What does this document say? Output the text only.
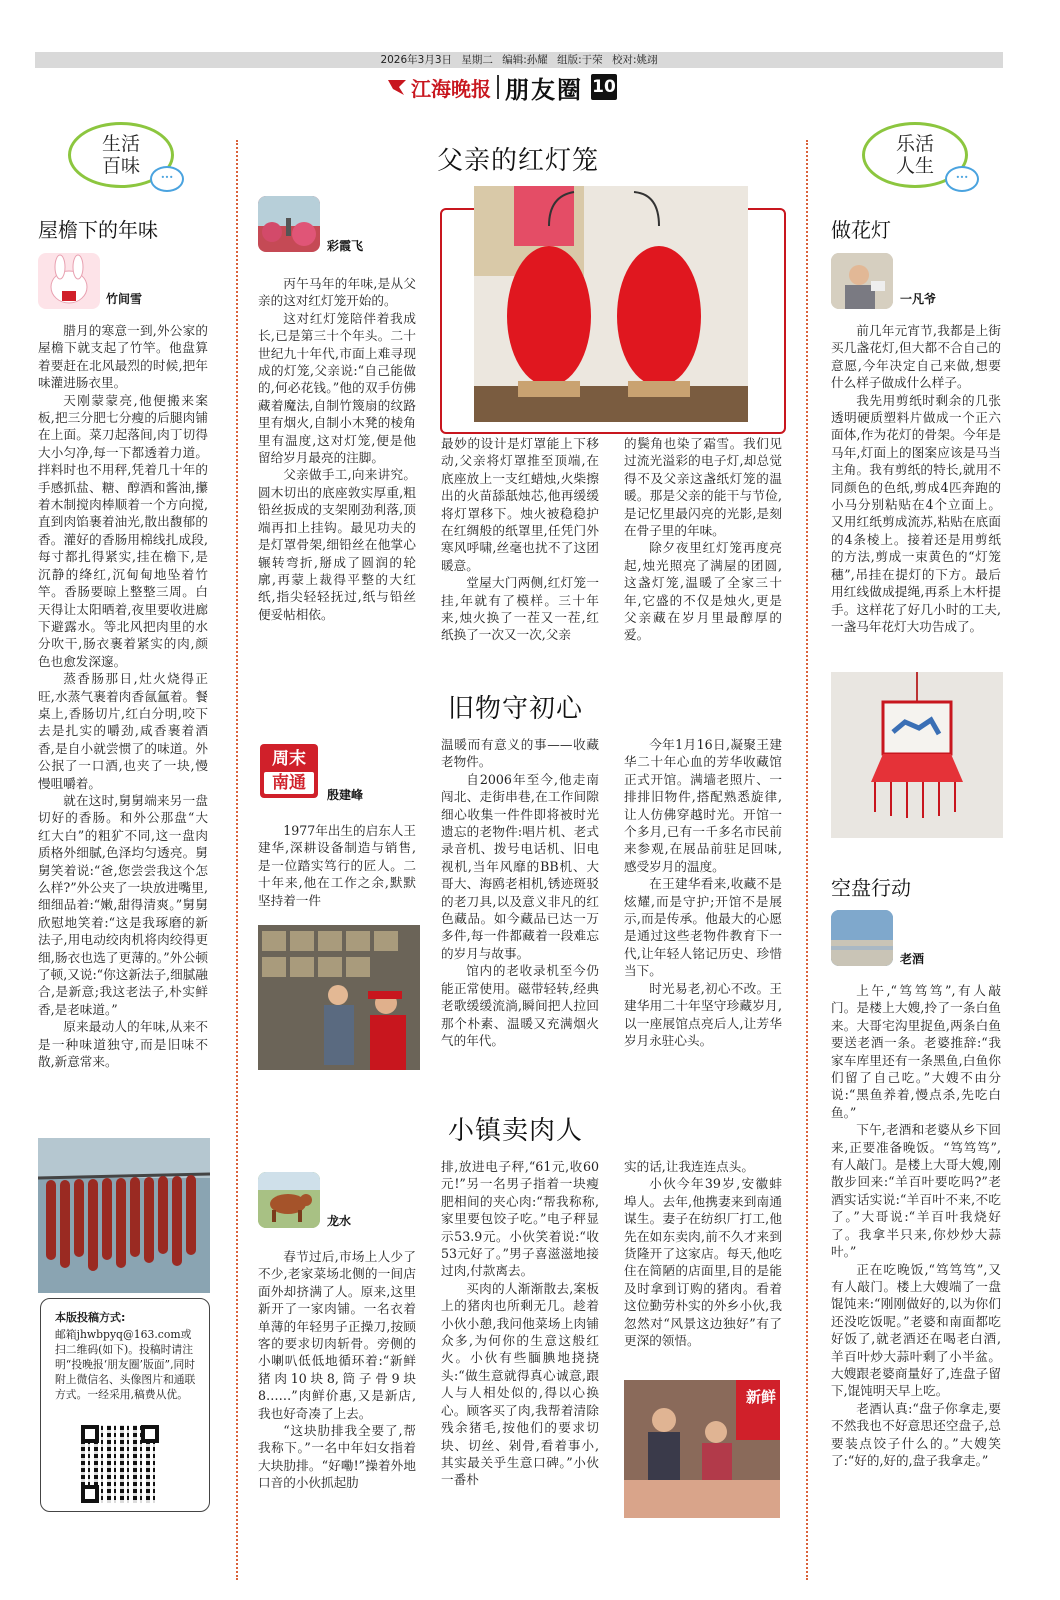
2026年3月3日 星期二 编辑:孙耀 组版:于荣 校对:姚翊
江海晚报 朋友圈 10
生活
百味	...
屋檐下的年味
竹间雪

腊月的寒意一到,外公家的屋檐下就支起了竹竿。他盘算着要赶在北风最烈的时候,把年味灌进肠衣里。

天刚蒙蒙亮,他便搬来案板,把三分肥七分瘦的后腿肉铺在上面。菜刀起落间,肉丁切得大小匀净,每一下都透着力道。拌料时也不用秤,凭着几十年的手感抓盐、糖、醇酒和酱油,攥着木制搅肉棒顺着一个方向搅,直到肉馅裹着油光,散出馥郁的香。灌好的香肠用棉线扎成段,每寸都扎得紧实,挂在檐下,是沉静的绛红,沉甸甸地坠着竹竿。香肠要晾上整整三周。白天得让太阳晒着,夜里要收进廊下避露水。等北风把肉里的水分吹干,肠衣裹着紧实的肉,颜色也愈发深邃。

蒸香肠那日,灶火烧得正旺,水蒸气裹着肉香氤氲着。餐桌上,香肠切片,红白分明,咬下去是扎实的嚼劲,咸香裹着酒香,是自小就尝惯了的味道。外公抿了一口酒,也夹了一块,慢慢咀嚼着。

就在这时,舅舅端来另一盘切好的香肠。和外公那盘“大红大白”的粗犷不同,这一盘肉质格外细腻,色泽均匀透亮。舅舅笑着说:“爸,您尝尝我这个怎么样?”外公夹了一块放进嘴里,细细品着:“嫩,甜得清爽。”舅舅欣慰地笑着:“这是我琢磨的新法子,用电动绞肉机将肉绞得更细,肠衣也选了更薄的。”外公顿了顿,又说:“你这新法子,细腻融合,是新意;我这老法子,朴实鲜香,是老味道。”

原来最动人的年味,从来不是一种味道独守,而是旧味不散,新意常来。

本版投稿方式:
邮箱jhwbpyq@163.com或扫二维码(如下)。投稿时请注明“投晚报‘朋友圈’版面”,同时附上微信名、头像图片和通联方式。一经采用,稿费从优。
父亲的红灯笼
彩霞飞

丙午马年的年味,是从父亲的这对红灯笼开始的。

这对红灯笼陪伴着我成长,已是第三十个年头。二十世纪九十年代,市面上难寻现成的灯笼,父亲说:“自己能做的,何必花钱。”他的双手仿佛藏着魔法,自制竹篾扇的纹路里有烟火,自制小木凳的棱角里有温度,这对灯笼,便是他留给岁月最亮的注脚。

父亲做手工,向来讲究。圆木切出的底座敦实厚重,粗铅丝扳成的支架刚劲利落,顶端再扣上挂钩。最见功夫的是灯罩骨架,细铅丝在他掌心辗转弯折,掰成了圆润的轮廓,再蒙上裁得平整的大红纸,指尖轻轻抚过,纸与铅丝便妥帖相依。

最妙的设计是灯罩能上下移动,父亲将灯罩推至顶端,在底座放上一支红蜡烛,火柴擦出的火苗舔舐烛芯,他再缓缓将灯罩移下。烛火被稳稳护在红绸般的纸罩里,任凭门外寒风呼啸,丝毫也扰不了这团暖意。

堂屋大门两侧,红灯笼一挂,年就有了模样。三十年来,烛火换了一茬又一茬,红纸换了一次又一次,父亲

的鬓角也染了霜雪。我们见过流光溢彩的电子灯,却总觉得不及父亲这盏纸灯笼的温暖。那是父亲的能干与节俭,是记忆里最闪亮的光影,是刻在骨子里的年味。

除夕夜里红灯笼再度亮起,烛光照亮了满屋的团圆,这盏灯笼,温暖了全家三十年,它盛的不仅是烛火,更是父亲藏在岁月里最醇厚的爱。

旧物守初心
周末
南通
殷建峰

1977年出生的启东人王建华,深耕设备制造与销售,是一位踏实笃行的匠人。二十年来,他在工作之余,默默坚持着一件

温暖而有意义的事——收藏老物件。

自2006年至今,他走南闯北、走街串巷,在工作间隙细心收集一件件即将被时光遗忘的老物件:唱片机、老式录音机、拨号电话机、旧电视机,当年风靡的BB机、大哥大、海鸥老相机,锈迹斑驳的老刀具,以及意义非凡的红色藏品。如今藏品已达一万多件,每一件都藏着一段难忘的岁月与故事。

馆内的老收录机至今仍能正常使用。磁带轻转,经典老歌缓缓流淌,瞬间把人拉回那个朴素、温暖又充满烟火气的年代。

今年1月16日,凝聚王建华二十年心血的芳华收藏馆正式开馆。满墙老照片、一排排旧物件,搭配熟悉旋律,让人仿佛穿越时光。开馆一个多月,已有一千多名市民前来参观,在展品前驻足回味,感受岁月的温度。

在王建华看来,收藏不是炫耀,而是守护;开馆不是展示,而是传承。他最大的心愿是通过这些老物件教育下一代,让年轻人铭记历史、珍惜当下。

时光易老,初心不改。王建华用二十年坚守珍藏岁月,以一座展馆点亮后人,让芳华岁月永驻心头。

小镇卖肉人
龙水

春节过后,市场上人少了不少,老家菜场北侧的一间店面外却挤满了人。原来,这里新开了一家肉铺。一名衣着单薄的年轻男子正操刀,按顾客的要求切肉斩骨。旁侧的小喇叭低低地循环着:“新鲜猪肉10块8,筒子骨9块8……”肉鲜价惠,又是新店,我也好奇凑了上去。

“这块肋排我全要了,帮我称下。”一名中年妇女指着大块肋排。“好嘞!”操着外地口音的小伙抓起肋

排,放进电子秤,“61元,收60元!”另一名男子指着一块瘦肥相间的夹心肉:“帮我称称,家里要包饺子吃。”电子秤显示53.9元。小伙笑着说:“收53元好了。”男子喜滋滋地接过肉,付款离去。

买肉的人渐渐散去,案板上的猪肉也所剩无几。趁着小伙小憩,我问他菜场上肉铺众多,为何你的生意这般红火。小伙有些腼腆地挠挠头:“做生意就得真心诚意,跟人与人相处似的,得以心换心。顾客买了肉,我帮着清除残余猪毛,按他们的要求切块、切丝、剁骨,看着事小,其实最关乎生意口碑。”小伙一番朴

实的话,让我连连点头。

小伙今年39岁,安徽蚌埠人。去年,他携妻来到南通谋生。妻子在纺织厂打工,他先在如东卖肉,前不久才来到货隆开了这家店。每天,他吃住在简陋的店面里,目的是能及时拿到订购的猪肉。看着这位勤劳朴实的外乡小伙,我忽然对“风景这边独好”有了更深的领悟。

新鲜
乐活
人生	...
做花灯
一凡爷

前几年元宵节,我都是上街买几盏花灯,但大都不合自己的意愿,今年决定自己来做,想要什么样子做成什么样子。

我先用剪纸时剩余的几张透明硬质塑料片做成一个正六面体,作为花灯的骨架。今年是马年,灯面上的图案应该是马当主角。我有剪纸的特长,就用不同颜色的色纸,剪成4匹奔跑的小马分别粘贴在4个立面上。又用红纸剪成流苏,粘贴在底面的4条棱上。接着还是用剪纸的方法,剪成一束黄色的“灯笼穗”,吊挂在提灯的下方。最后用红线做成提绳,再系上木杆提手。这样花了好几小时的工夫,一盏马年花灯大功告成了。

空盘行动
老酒

上午,“笃笃笃”,有人敲门。是楼上大嫂,拎了一条白鱼来。大哥宅沟里捉鱼,两条白鱼要送老酒一条。老婆推辞:“我家车库里还有一条黑鱼,白鱼你们留了自己吃。”大嫂不由分说:“黑鱼养着,慢点杀,先吃白鱼。”

下午,老酒和老婆从乡下回来,正要准备晚饭。“笃笃笃”,有人敲门。是楼上大哥大嫂,刚散步回来:“羊百叶要吃吗?”老酒实话实说:“羊百叶不来,不吃了。”大哥说:“羊百叶我烧好了。我拿半只来,你炒炒大蒜叶。”

正在吃晚饭,“笃笃笃”,又有人敲门。楼上大嫂端了一盘馄饨来:“刚刚做好的,以为你们还没吃饭呢。”老婆和南面都吃好饭了,就老酒还在喝老白酒,羊百叶炒大蒜叶剩了小半盆。大嫂跟老婆商量好了,连盘子留下,馄饨明天早上吃。

老酒认真:“盘子你拿走,要不然我也不好意思还空盘子,总要装点饺子什么的。”大嫂笑了:“好的,好的,盘子我拿走。”
